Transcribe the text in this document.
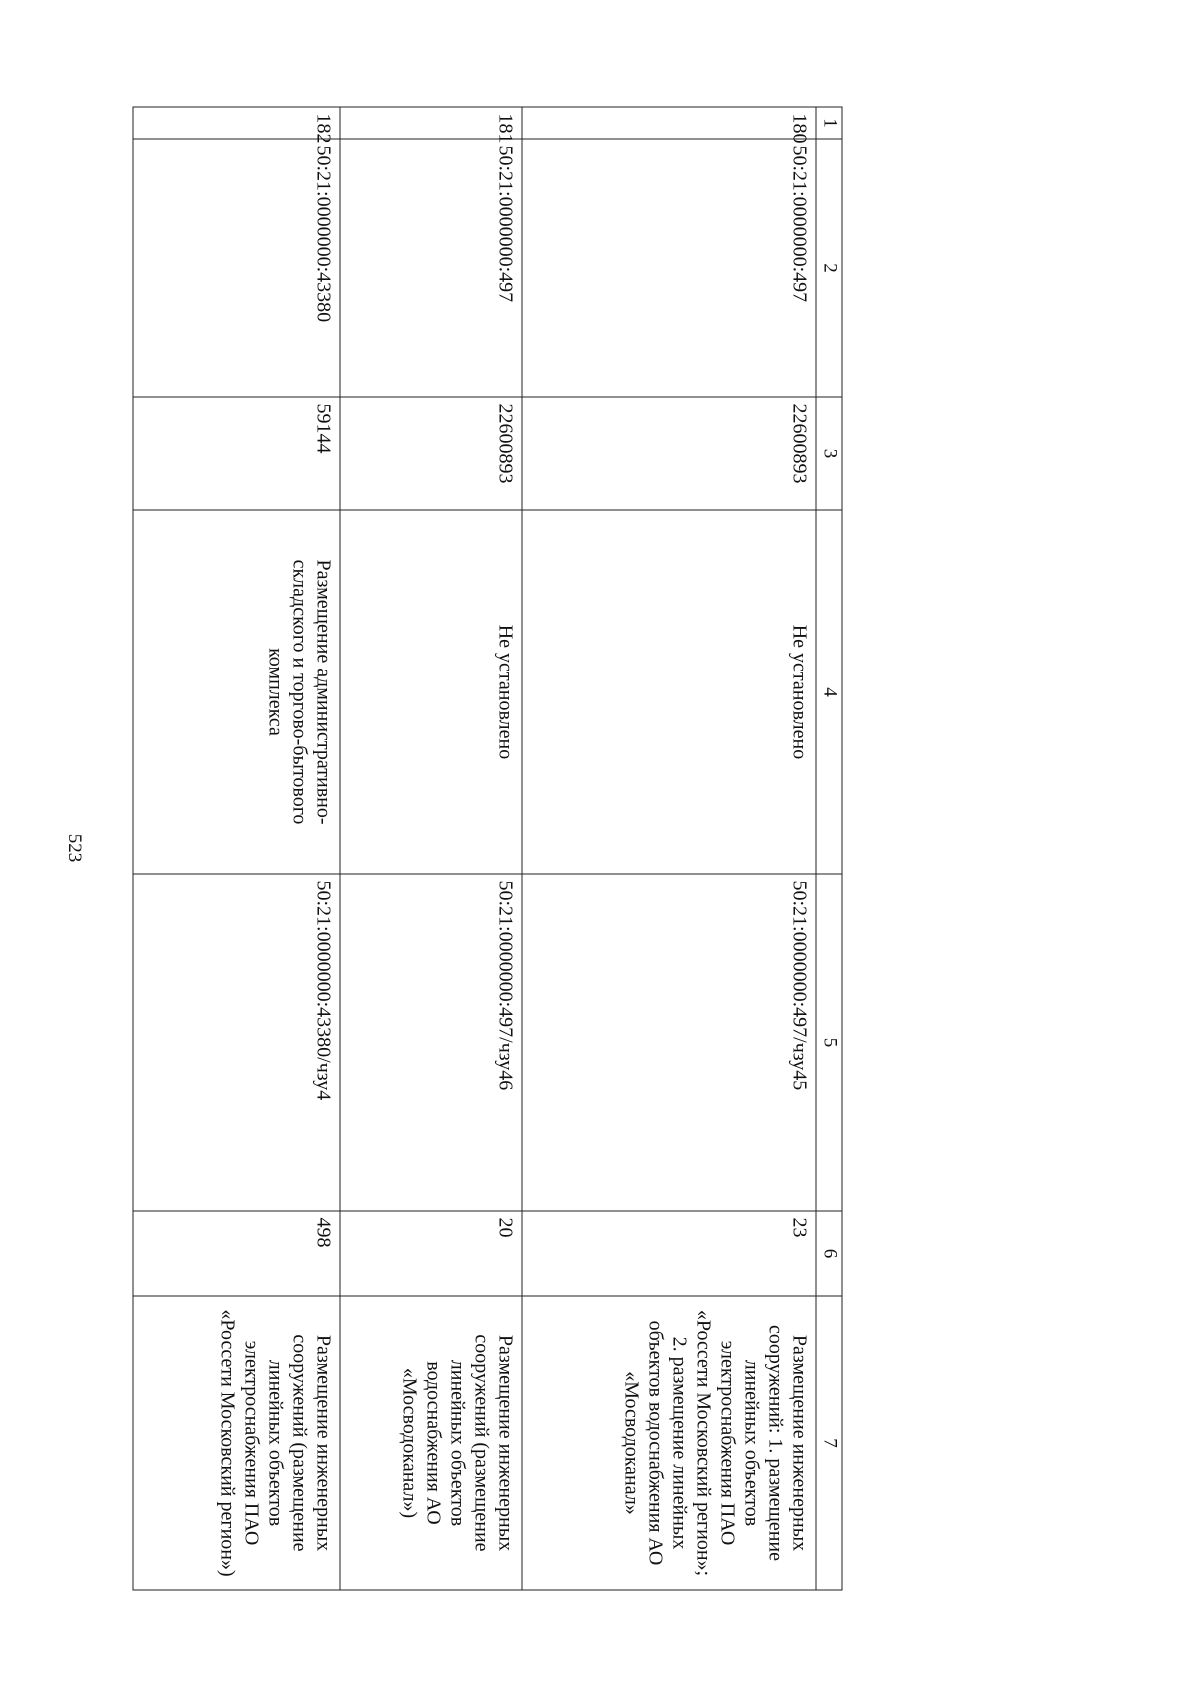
523
1	2	3	4	5	6	7
180	50:21:0000000:497	22600893	Не установлено	50:21:0000000:497/чзу45	23	Размещение инженерных сооружений: 1. размещение линейных объектов электроснабжения ПАО «Россети Московский регион»; 2. размещение линейных объектов водоснабжения АО «Мосводоканал»
181	50:21:0000000:497	22600893	Не установлено	50:21:0000000:497/чзу46	20	Размещение инженерных сооружений (размещение линейных объектов водоснабжения АО «Мосводоканал»)
182	50:21:0000000:43380	59144	Размещение административно-складского и торгово-бытового комплекса	50:21:0000000:43380/чзу4	498	Размещение инженерных сооружений (размещение линейных объектов электроснабжения ПАО «Россети Московский регион»)
